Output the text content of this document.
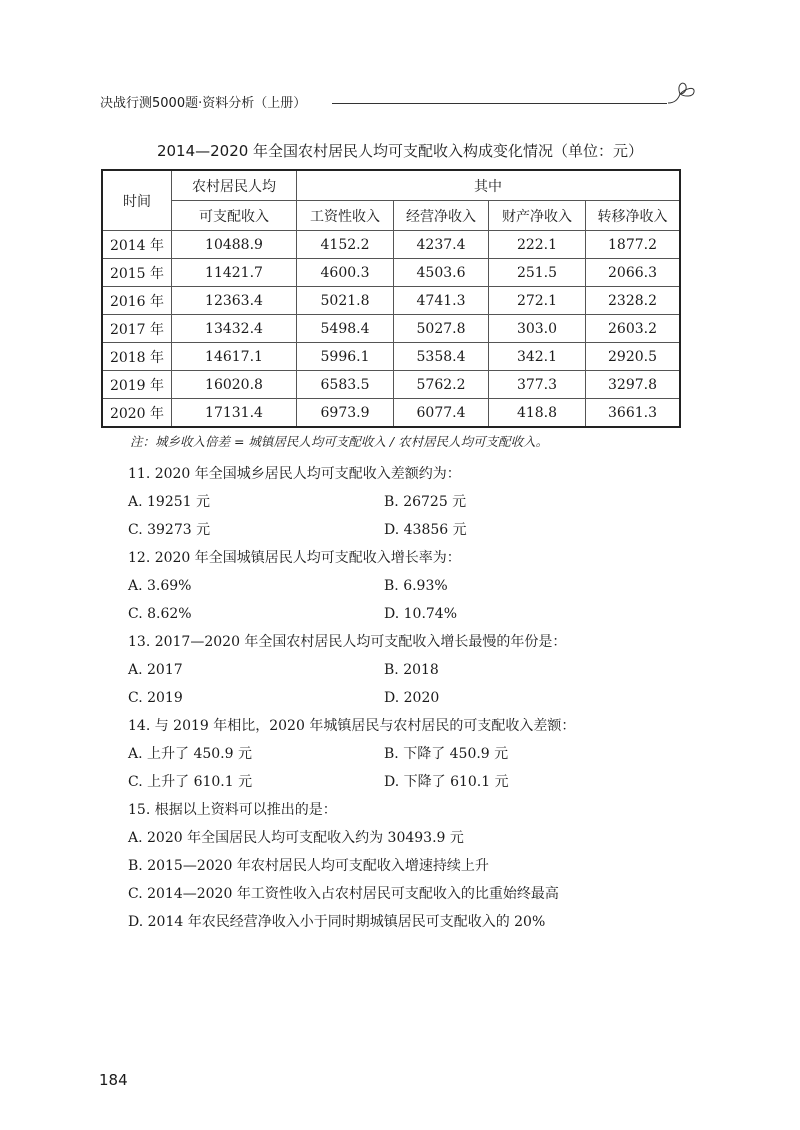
决战行测5000题·资料分析（上册）
2014—2020 年全国农村居民人均可支配收入构成变化情况（单位：元）
时间	农村居民人均	其中			
	可支配收入	工资性收入	经营净收入	财产净收入	转移净收入
2014 年	10488.9	4152.2	4237.4	222.1	1877.2
2015 年	11421.7	4600.3	4503.6	251.5	2066.3
2016 年	12363.4	5021.8	4741.3	272.1	2328.2
2017 年	13432.4	5498.4	5027.8	303.0	2603.2
2018 年	14617.1	5996.1	5358.4	342.1	2920.5
2019 年	16020.8	6583.5	5762.2	377.3	3297.8
2020 年	17131.4	6973.9	6077.4	418.8	3661.3
注：城乡收入倍差 = 城镇居民人均可支配收入 / 农村居民人均可支配收入。
11. 2020 年全国城乡居民人均可支配收入差额约为：
A. 19251 元	B. 26725 元
C. 39273 元	D. 43856 元
12. 2020 年全国城镇居民人均可支配收入增长率为：
A. 3.69%	B. 6.93%
C. 8.62%	D. 10.74%
13. 2017—2020 年全国农村居民人均可支配收入增长最慢的年份是：
A. 2017	B. 2018
C. 2019	D. 2020
14. 与 2019 年相比，2020 年城镇居民与农村居民的可支配收入差额：
A. 上升了 450.9 元	B. 下降了 450.9 元
C. 上升了 610.1 元	D. 下降了 610.1 元
15. 根据以上资料可以推出的是：
A. 2020 年全国居民人均可支配收入约为 30493.9 元
B. 2015—2020 年农村居民人均可支配收入增速持续上升
C. 2014—2020 年工资性收入占农村居民可支配收入的比重始终最高
D. 2014 年农民经营净收入小于同时期城镇居民可支配收入的 20%
184
